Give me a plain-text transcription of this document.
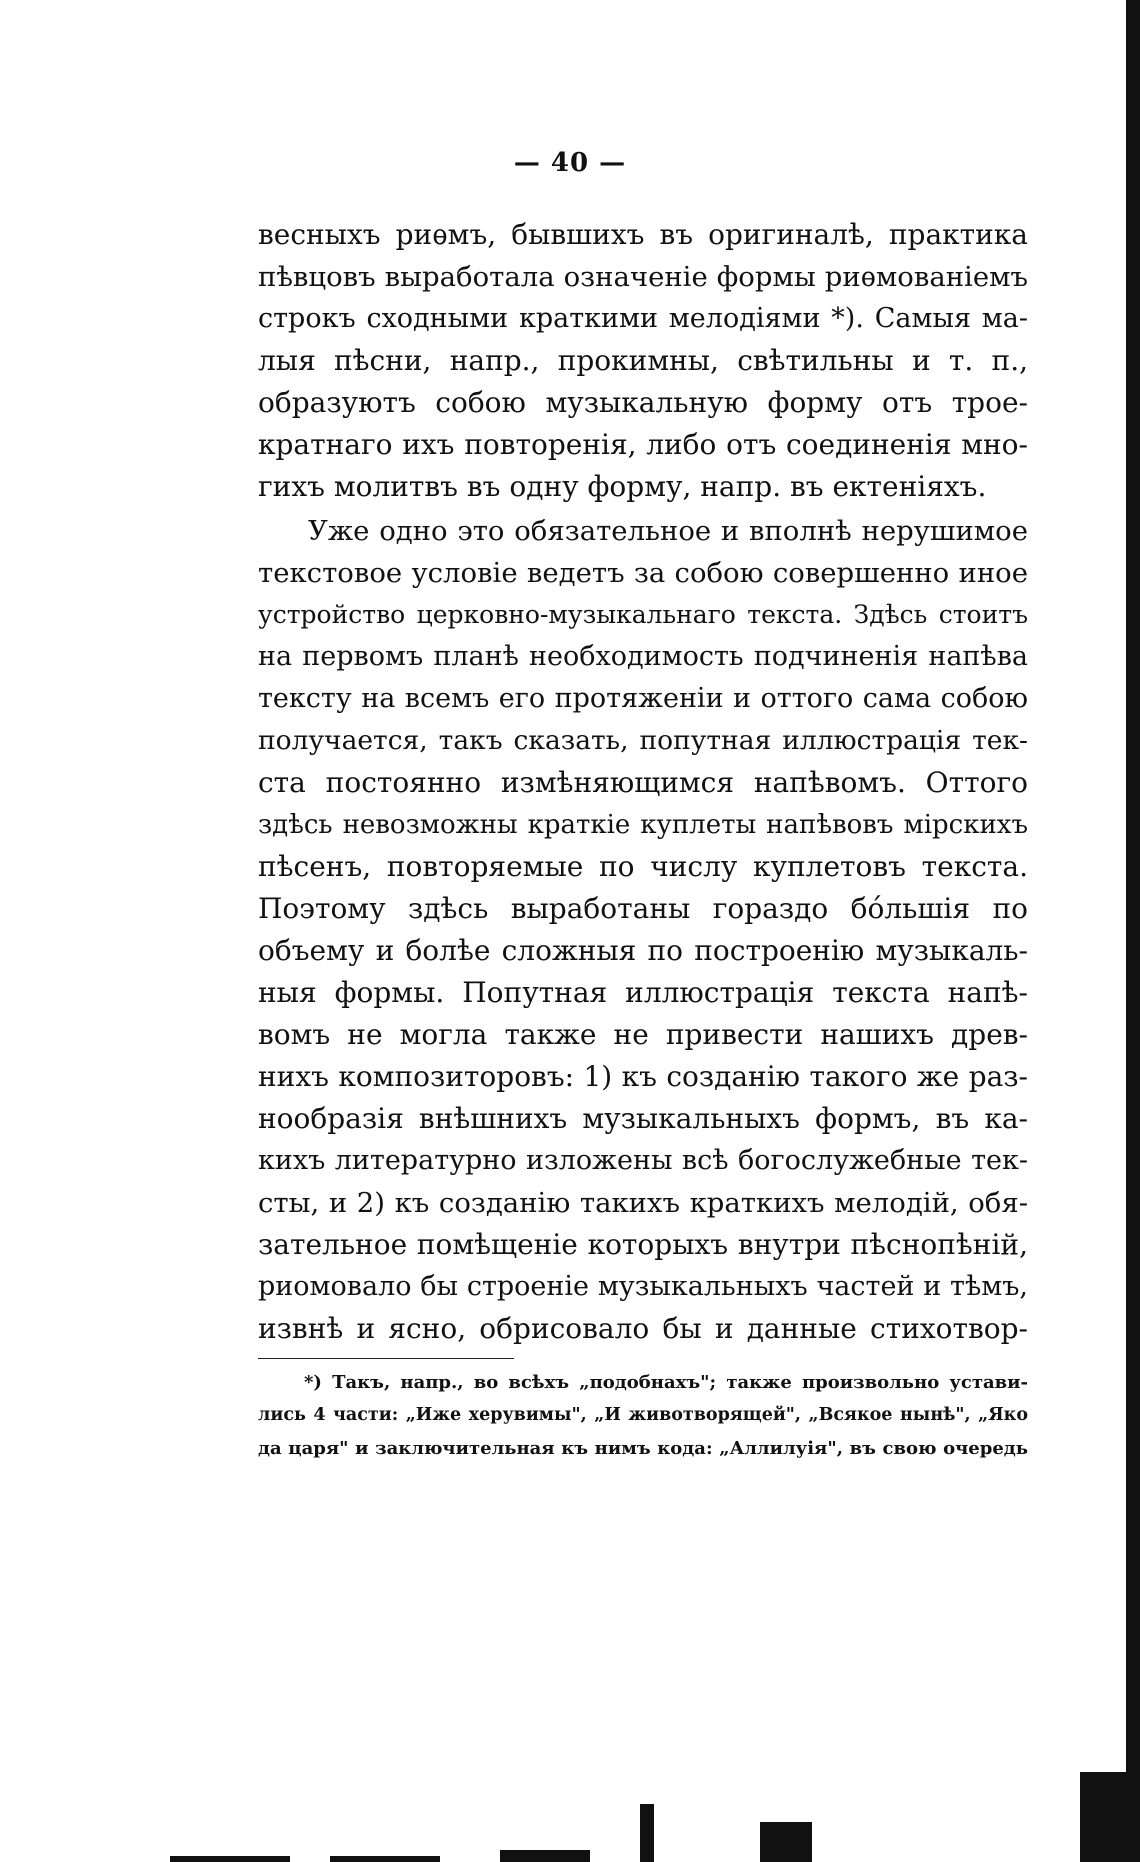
— 40 —
весныхъ риѳмъ, бывшихъ въ оригиналѣ, практика
пѣвцовъ выработала означеніе формы риѳмованіемъ
строкъ сходными краткими мелодіями *). Самыя ма-
лыя пѣсни, напр., прокимны, свѣтильны и т. п.,
образуютъ собою музыкальную форму отъ трое-
кратнаго ихъ повторенія, либо отъ соединенія мно-
гихъ молитвъ въ одну форму, напр. въ ектеніяхъ.
Уже одно это обязательное и вполнѣ нерушимое
текстовое условіе ведетъ за собою совершенно иное
устройство церковно-музыкальнаго текста. Здѣсь стоитъ
на первомъ планѣ необходимость подчиненія напѣва
тексту на всемъ его протяженіи и оттого сама собою
получается, такъ сказать, попутная иллюстрація тек-
ста постоянно измѣняющимся напѣвомъ. Оттого
здѣсь невозможны краткіе куплеты напѣвовъ мірскихъ
пѣсенъ, повторяемые по числу куплетовъ текста.
Поэтому здѣсь выработаны гораздо бо́льшія по
объему и болѣе сложныя по построенію музыкаль-
ныя формы. Попутная иллюстрація текста напѣ-
вомъ не могла также не привести нашихъ древ-
нихъ композиторовъ: 1) къ созданію такого же раз-
нообразія внѣшнихъ музыкальныхъ формъ, въ ка-
кихъ литературно изложены всѣ богослужебные тек-
сты, и 2) къ созданію такихъ краткихъ мелодій, обя-
зательное помѣщеніе которыхъ внутри пѣснопѣній,
риомовало бы строеніе музыкальныхъ частей и тѣмъ,
извнѣ и ясно, обрисовало бы и данные стихотвор-
*) Такъ, напр., во всѣхъ „подобнахъ"; также произвольно устави-
лись 4 части: „Иже херувимы", „И животворящей", „Всякое нынѣ", „Яко
да царя" и заключительная къ нимъ кода: „Аллилуія", въ свою очередь
